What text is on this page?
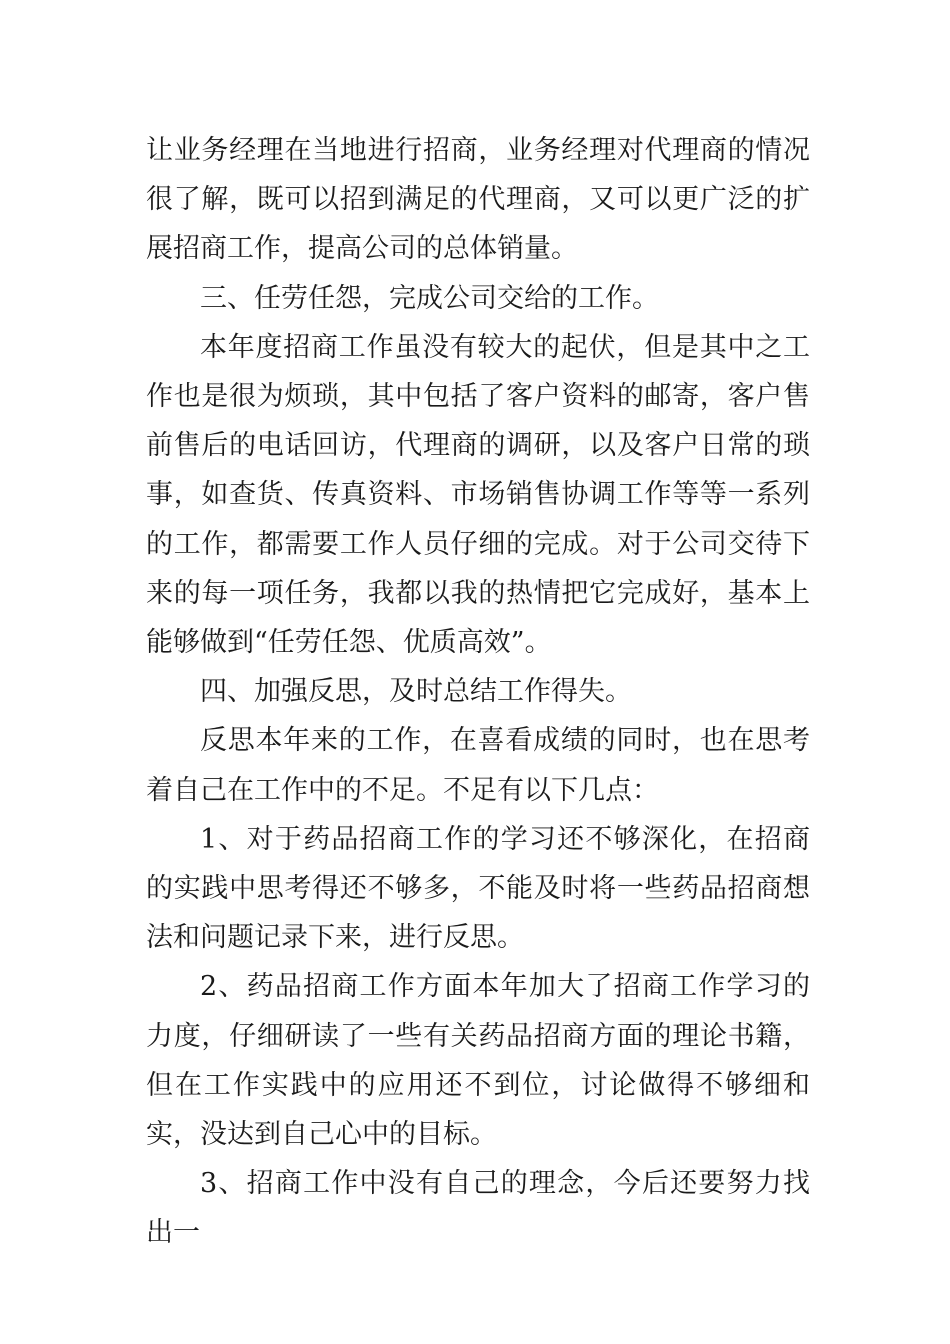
让业务经理在当地进行招商，业务经理对代理商的情况很了解，既可以招到满足的代理商，又可以更广泛的扩展招商工作，提高公司的总体销量。

三、任劳任怨，完成公司交给的工作。

本年度招商工作虽没有较大的起伏，但是其中之工作也是很为烦琐，其中包括了客户资料的邮寄，客户售前售后的电话回访，代理商的调研，以及客户日常的琐事，如查货、传真资料、市场销售协调工作等等一系列的工作，都需要工作人员仔细的完成。对于公司交待下来的每一项任务，我都以我的热情把它完成好，基本上能够做到“任劳任怨、优质高效”。

四、加强反思，及时总结工作得失。

反思本年来的工作，在喜看成绩的同时，也在思考着自己在工作中的不足。不足有以下几点：

1、对于药品招商工作的学习还不够深化，在招商的实践中思考得还不够多，不能及时将一些药品招商想法和问题记录下来，进行反思。

2、药品招商工作方面本年加大了招商工作学习的力度，仔细研读了一些有关药品招商方面的理论书籍，但在工作实践中的应用还不到位，讨论做得不够细和实，没达到自己心中的目标。

3、招商工作中没有自己的理念，今后还要努力找出一
